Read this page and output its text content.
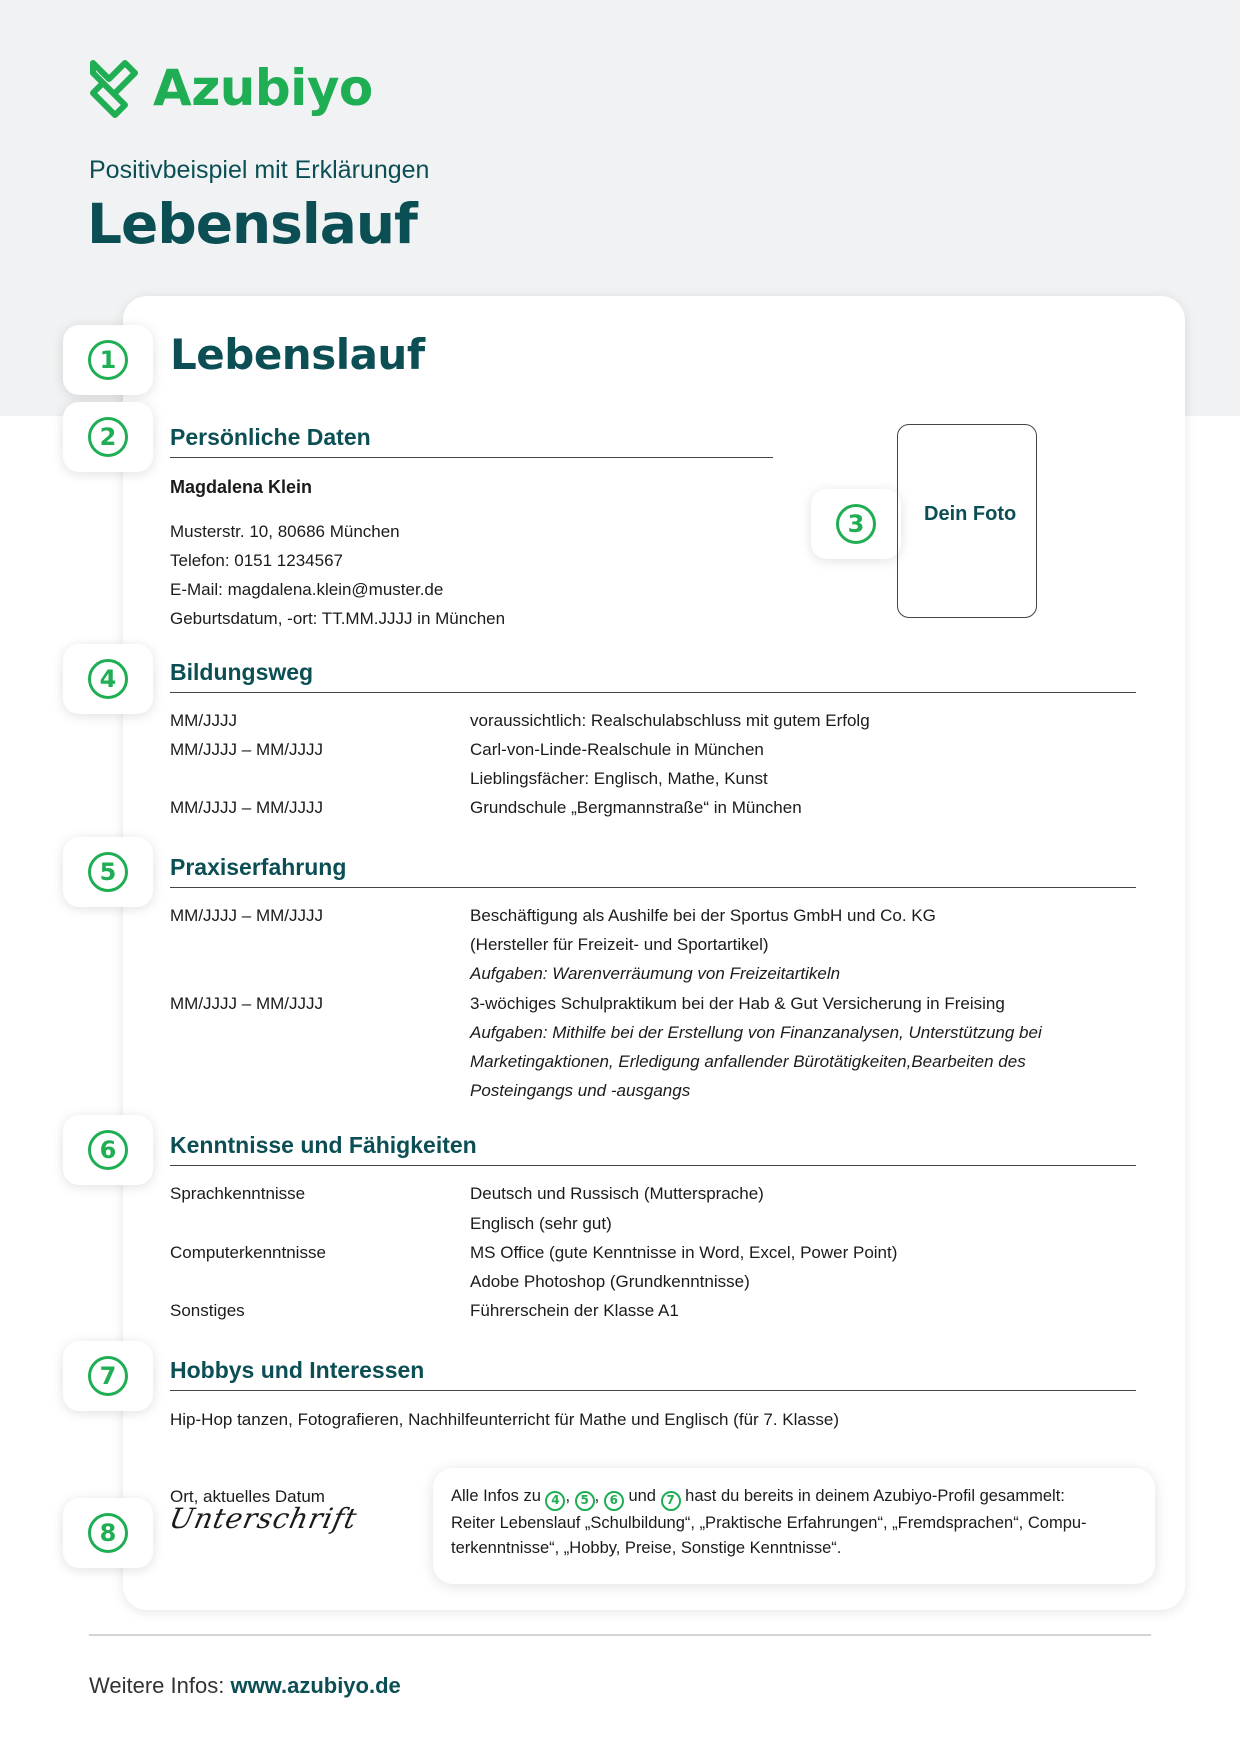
Azubiyo
Positivbeispiel mit Erklärungen
Lebenslauf
1
2
3
4
5
6
7
8
Lebenslauf
Persönliche Daten
Magdalena Klein
Musterstr. 10, 80686 München
Telefon: 0151 1234567
E-Mail: magdalena.klein@muster.de
Geburtsdatum, -ort: TT.MM.JJJJ in München
Dein Foto
Bildungsweg
MM/JJJJ	voraussichtlich: Realschulabschluss mit gutem Erfolg
MM/JJJJ – MM/JJJJ	Carl-von-Linde-Realschule in München
Lieblingsfächer: Englisch, Mathe, Kunst
MM/JJJJ – MM/JJJJ	Grundschule „Bergmannstraße“ in München
Praxiserfahrung
MM/JJJJ – MM/JJJJ	Beschäftigung als Aushilfe bei der Sportus GmbH und Co. KG
(Hersteller für Freizeit- und Sportartikel)
Aufgaben: Warenverräumung von Freizeitartikeln
MM/JJJJ – MM/JJJJ	3-wöchiges Schulpraktikum bei der Hab & Gut Versicherung in Freising
Aufgaben: Mithilfe bei der Erstellung von Finanzanalysen, Unterstützung bei
Marketingaktionen, Erledigung anfallender Bürotätigkeiten,Bearbeiten des
Posteingangs und -ausgangs
Kenntnisse und Fähigkeiten
Sprachkenntnisse	Deutsch und Russisch (Muttersprache)
Englisch (sehr gut)
Computerkenntnisse	MS Office (gute Kenntnisse in Word, Excel, Power Point)
Adobe Photoshop (Grundkenntnisse)
Sonstiges	Führerschein der Klasse A1
Hobbys und Interessen
Hip-Hop tanzen, Fotografieren, Nachhilfeunterricht für Mathe und Englisch (für 7. Klasse)
Ort, aktuelles Datum
Unterschrift
Alle Infos zu 4 , 5 , 6 und 7 hast du bereits in deinem Azubiyo-Profil gesammelt:
Reiter Lebenslauf „Schulbildung“, „Praktische Erfahrungen“, „Fremdsprachen“, Compu-
terkenntnisse“, „Hobby, Preise, Sonstige Kenntnisse“.
Weitere Infos: www.azubiyo.de
